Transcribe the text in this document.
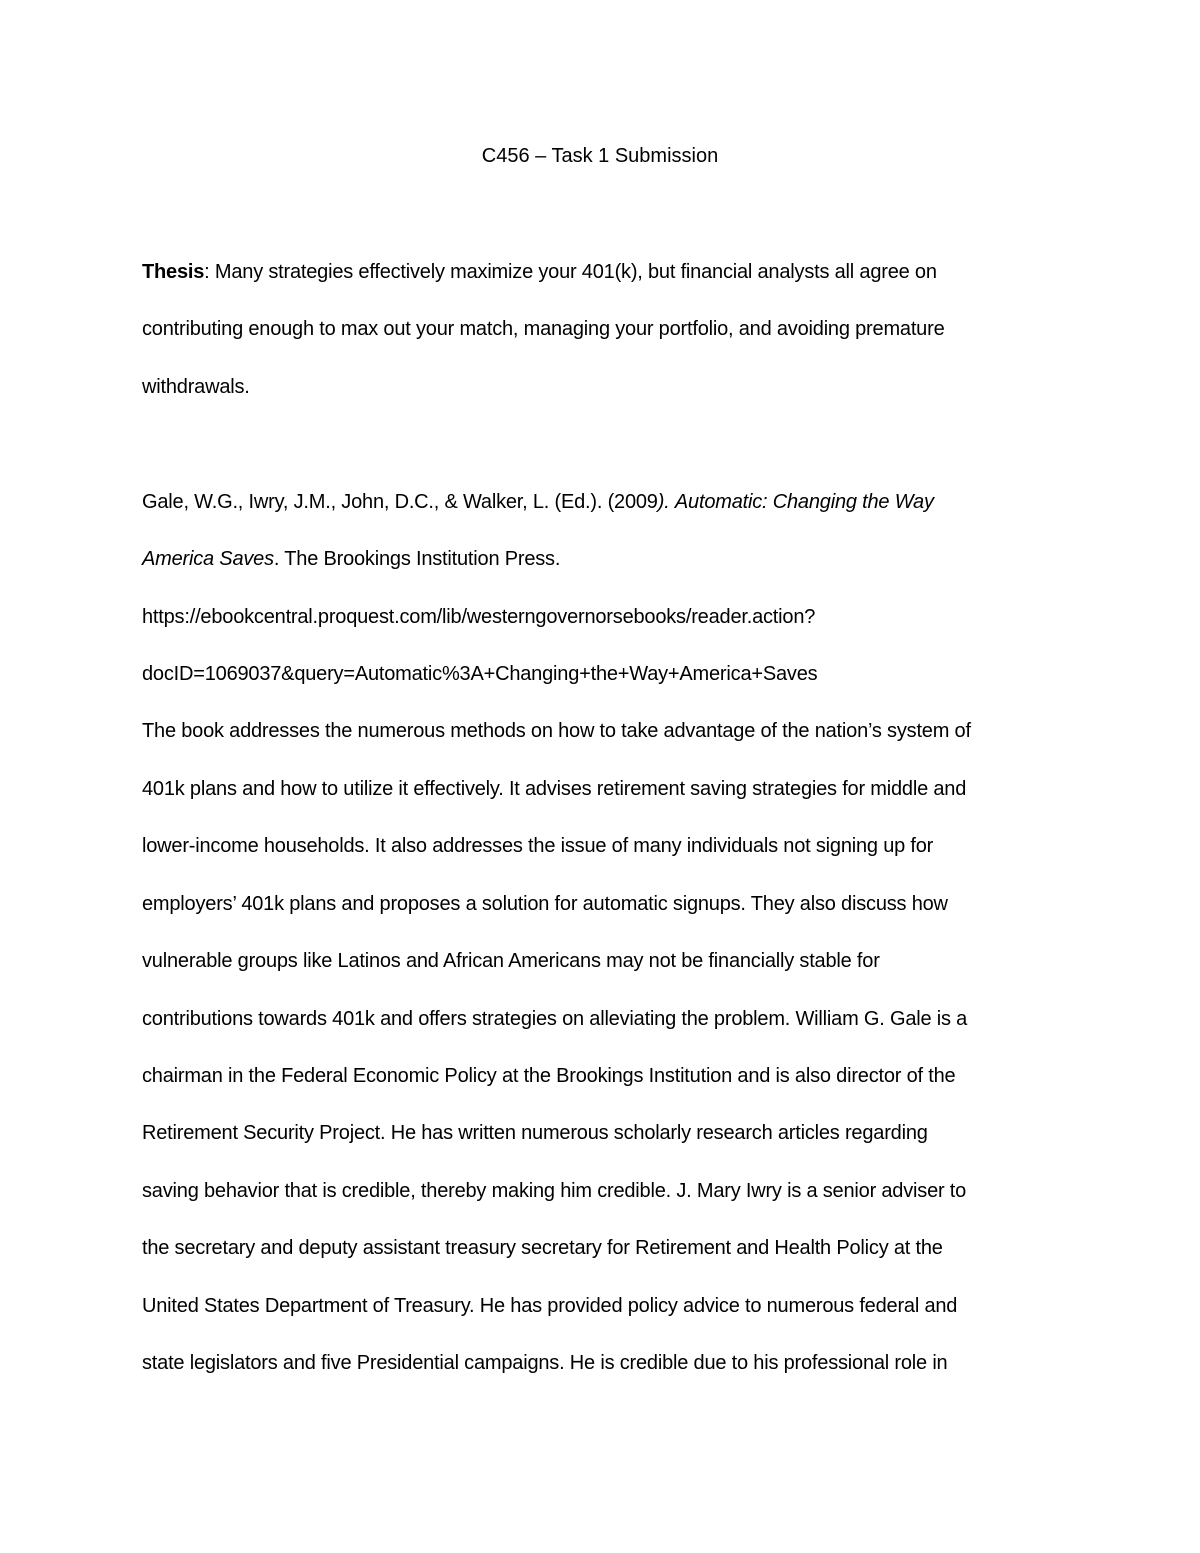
C456 – Task 1 Submission
Thesis: Many strategies effectively maximize your 401(k), but financial analysts all agree on
contributing enough to max out your match, managing your portfolio, and avoiding premature
withdrawals.
Gale, W.G., Iwry, J.M., John, D.C., & Walker, L. (Ed.). (2009). Automatic: Changing the Way
America Saves. The Brookings Institution Press.
https://ebookcentral.proquest.com/lib/westerngovernorsebooks/reader.action?
docID=1069037&query=Automatic%3A+Changing+the+Way+America+Saves
The book addresses the numerous methods on how to take advantage of the nation’s system of
401k plans and how to utilize it effectively. It advises retirement saving strategies for middle and
lower-income households. It also addresses the issue of many individuals not signing up for
employers’ 401k plans and proposes a solution for automatic signups. They also discuss how
vulnerable groups like Latinos and African Americans may not be financially stable for
contributions towards 401k and offers strategies on alleviating the problem. William G. Gale is a
chairman in the Federal Economic Policy at the Brookings Institution and is also director of the
Retirement Security Project. He has written numerous scholarly research articles regarding
saving behavior that is credible, thereby making him credible. J. Mary Iwry is a senior adviser to
the secretary and deputy assistant treasury secretary for Retirement and Health Policy at the
United States Department of Treasury. He has provided policy advice to numerous federal and
state legislators and five Presidential campaigns. He is credible due to his professional role in
